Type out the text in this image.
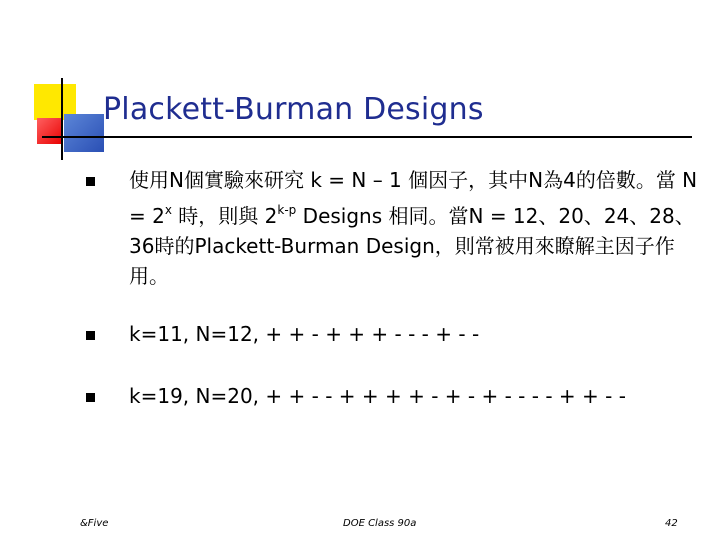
Plackett-Burman Designs
使用N個實驗來研究 k = N – 1 個因子，其中N為4的倍數。當 $N = 2^x$ 時，則與 2$^{k-p}$ Designs 相同。當N = 12、20、24、28、36時的Plackett-Burman Design，則常被用來瞭解主因子作用。
k=11, N=12, + + - + + + - - - + - -
k=19, N=20, + + - - + + + + - + - + - - - - + + - -
&Five	DOE Class 90a	42
